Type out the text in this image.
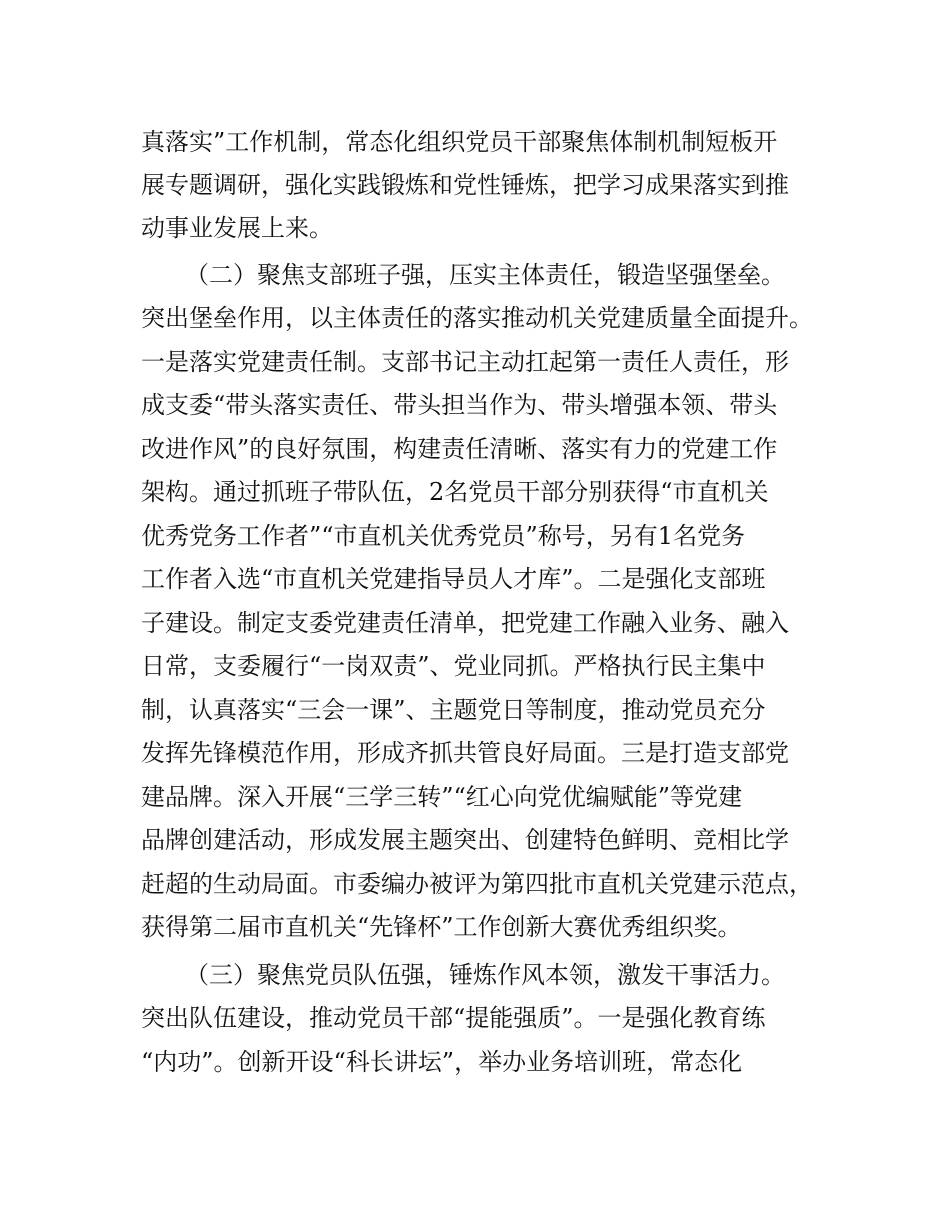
真落实”工作机制，常态化组织党员干部聚焦体制机制短板开
展专题调研，强化实践锻炼和党性锤炼，把学习成果落实到推
动事业发展上来。
（二）聚焦支部班子强，压实主体责任，锻造坚强堡垒。
突出堡垒作用，以主体责任的落实推动机关党建质量全面提升。
一是落实党建责任制。支部书记主动扛起第一责任人责任，形
成支委“带头落实责任、带头担当作为、带头增强本领、带头
改进作风”的良好氛围，构建责任清晰、落实有力的党建工作
架构。通过抓班子带队伍，2名党员干部分别获得“市直机关
优秀党务工作者”“市直机关优秀党员”称号，另有1名党务
工作者入选“市直机关党建指导员人才库”。二是强化支部班
子建设。制定支委党建责任清单，把党建工作融入业务、融入
日常，支委履行“一岗双责”、党业同抓。严格执行民主集中
制，认真落实“三会一课”、主题党日等制度，推动党员充分
发挥先锋模范作用，形成齐抓共管良好局面。三是打造支部党
建品牌。深入开展“三学三转”“红心向党优编赋能”等党建
品牌创建活动，形成发展主题突出、创建特色鲜明、竞相比学
赶超的生动局面。市委编办被评为第四批市直机关党建示范点，
获得第二届市直机关“先锋杯”工作创新大赛优秀组织奖。
（三）聚焦党员队伍强，锤炼作风本领，激发干事活力。
突出队伍建设，推动党员干部“提能强质”。一是强化教育练
“内功”。创新开设“科长讲坛”，举办业务培训班，常态化
